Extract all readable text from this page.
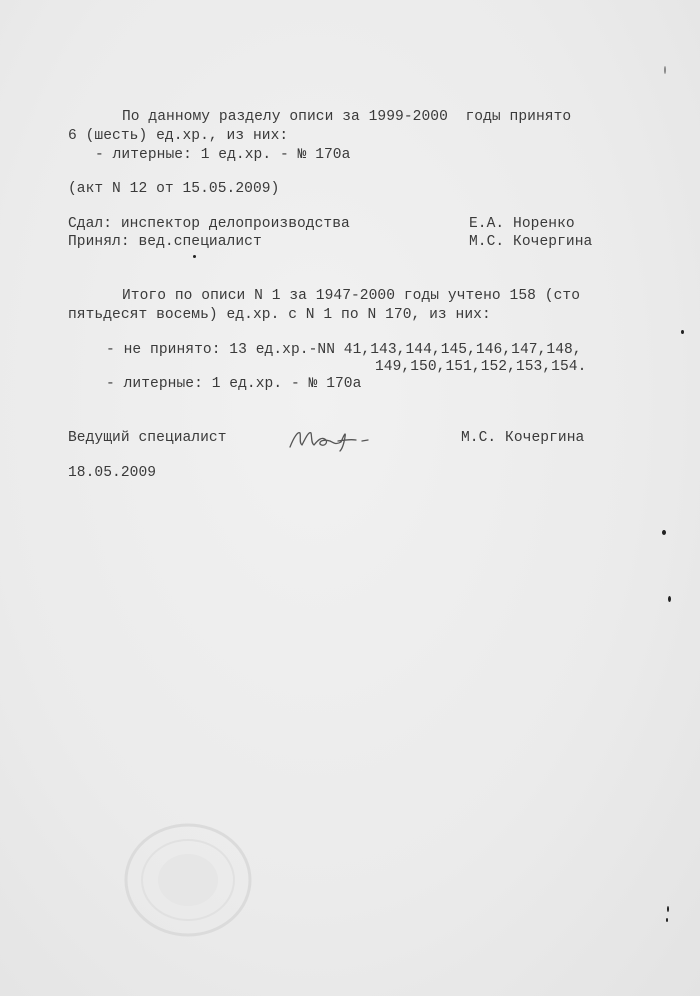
По данному разделу описи за 1999-2000  годы принято
6 (шесть) ед.хр., из них:
- литерные: 1 ед.хр. - № 170а
(акт N 12 от 15.05.2009)
Сдал: инспектор делопроизводства	Е.А. Норенко
Принял: вед.специалист	М.С. Кочергина
Итого по описи N 1 за 1947-2000 годы учтено 158 (сто
пятьдесят восемь) ед.хр. с N 1 по N 170, из них:
- не принято: 13 ед.хр.-NN 41,143,144,145,146,147,148,
149,150,151,152,153,154.
- литерные: 1 ед.хр. - № 170а
Ведущий специалист	М.С. Кочергина
18.05.2009
